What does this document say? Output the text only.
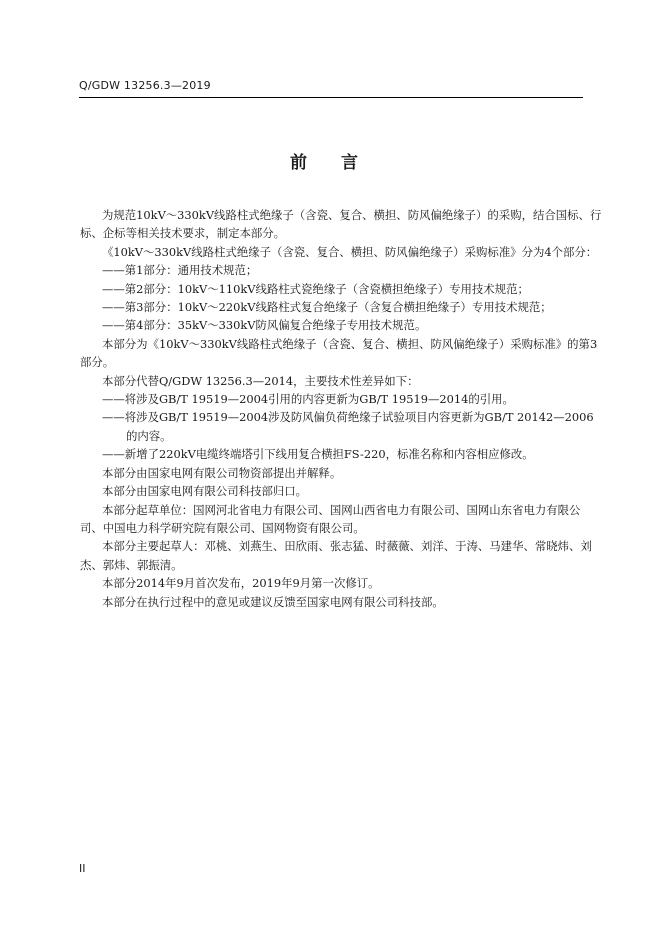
Q/GDW 13256.3—2019
前 言

为规范10kV～330kV线路柱式绝缘子（含瓷、复合、横担、防风偏绝缘子）的采购，结合国标、行标、企标等相关技术要求，制定本部分。

《10kV～330kV线路柱式绝缘子（含瓷、复合、横担、防风偏绝缘子）采购标准》分为4个部分：

——第1部分：通用技术规范；

——第2部分：10kV～110kV线路柱式瓷绝缘子（含瓷横担绝缘子）专用技术规范；

——第3部分：10kV～220kV线路柱式复合绝缘子（含复合横担绝缘子）专用技术规范；

——第4部分：35kV～330kV防风偏复合绝缘子专用技术规范。

本部分为《10kV～330kV线路柱式绝缘子（含瓷、复合、横担、防风偏绝缘子）采购标准》的第3部分。

本部分代替Q/GDW 13256.3—2014，主要技术性差异如下：

——将涉及GB/T 19519—2004引用的内容更新为GB/T 19519—2014的引用。

——将涉及GB/T 19519—2004涉及防风偏负荷绝缘子试验项目内容更新为GB/T 20142—2006的内容。

——新增了220kV电缆终端塔引下线用复合横担FS-220，标准名称和内容相应修改。

本部分由国家电网有限公司物资部提出并解释。

本部分由国家电网有限公司科技部归口。

本部分起草单位：国网河北省电力有限公司、国网山西省电力有限公司、国网山东省电力有限公司、中国电力科学研究院有限公司、国网物资有限公司。

本部分主要起草人：邓桃、刘燕生、田欣雨、张志猛、时薇薇、刘洋、于涛、马建华、常晓炜、刘杰、郭炜、郭振清。

本部分2014年9月首次发布，2019年9月第一次修订。

本部分在执行过程中的意见或建议反馈至国家电网有限公司科技部。

II
